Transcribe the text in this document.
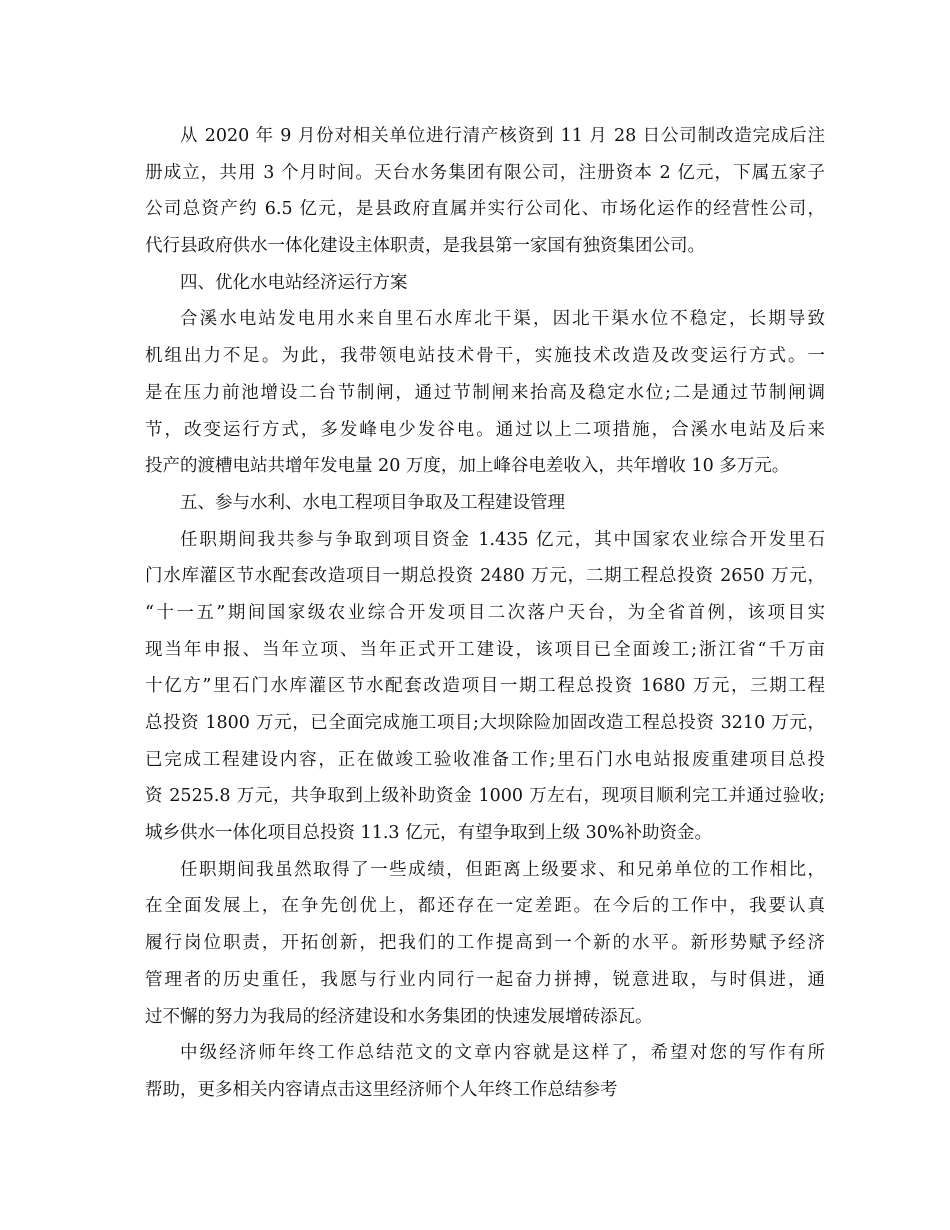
从 2020 年 9 月份对相关单位进行清产核资到 11 月 28 日公司制改造完成后注
册成立，共用 3 个月时间。天台水务集团有限公司，注册资本 2 亿元，下属五家子
公司总资产约 6.5 亿元，是县政府直属并实行公司化、市场化运作的经营性公司，
代行县政府供水一体化建设主体职责，是我县第一家国有独资集团公司。
四、优化水电站经济运行方案
合溪水电站发电用水来自里石水库北干渠，因北干渠水位不稳定，长期导致
机组出力不足。为此，我带领电站技术骨干，实施技术改造及改变运行方式。一
是在压力前池增设二台节制闸，通过节制闸来抬高及稳定水位;二是通过节制闸调
节，改变运行方式，多发峰电少发谷电。通过以上二项措施，合溪水电站及后来
投产的渡槽电站共增年发电量 20 万度，加上峰谷电差收入，共年增收 10 多万元。
五、参与水利、水电工程项目争取及工程建设管理
任职期间我共参与争取到项目资金 1.435 亿元，其中国家农业综合开发里石
门水库灌区节水配套改造项目一期总投资 2480 万元，二期工程总投资 2650 万元，
“十一五”期间国家级农业综合开发项目二次落户天台，为全省首例，该项目实
现当年申报、当年立项、当年正式开工建设，该项目已全面竣工;浙江省“千万亩
十亿方”里石门水库灌区节水配套改造项目一期工程总投资 1680 万元，三期工程
总投资 1800 万元，已全面完成施工项目;大坝除险加固改造工程总投资 3210 万元，
已完成工程建设内容，正在做竣工验收准备工作;里石门水电站报废重建项目总投
资 2525.8 万元，共争取到上级补助资金 1000 万左右，现项目顺利完工并通过验收;
城乡供水一体化项目总投资 11.3 亿元，有望争取到上级 30%补助资金。
任职期间我虽然取得了一些成绩，但距离上级要求、和兄弟单位的工作相比，
在全面发展上，在争先创优上，都还存在一定差距。在今后的工作中，我要认真
履行岗位职责，开拓创新，把我们的工作提高到一个新的水平。新形势赋予经济
管理者的历史重任，我愿与行业内同行一起奋力拼搏，锐意进取，与时俱进，通
过不懈的努力为我局的经济建设和水务集团的快速发展增砖添瓦。
中级经济师年终工作总结范文的文章内容就是这样了，希望对您的写作有所
帮助，更多相关内容请点击这里经济师个人年终工作总结参考
